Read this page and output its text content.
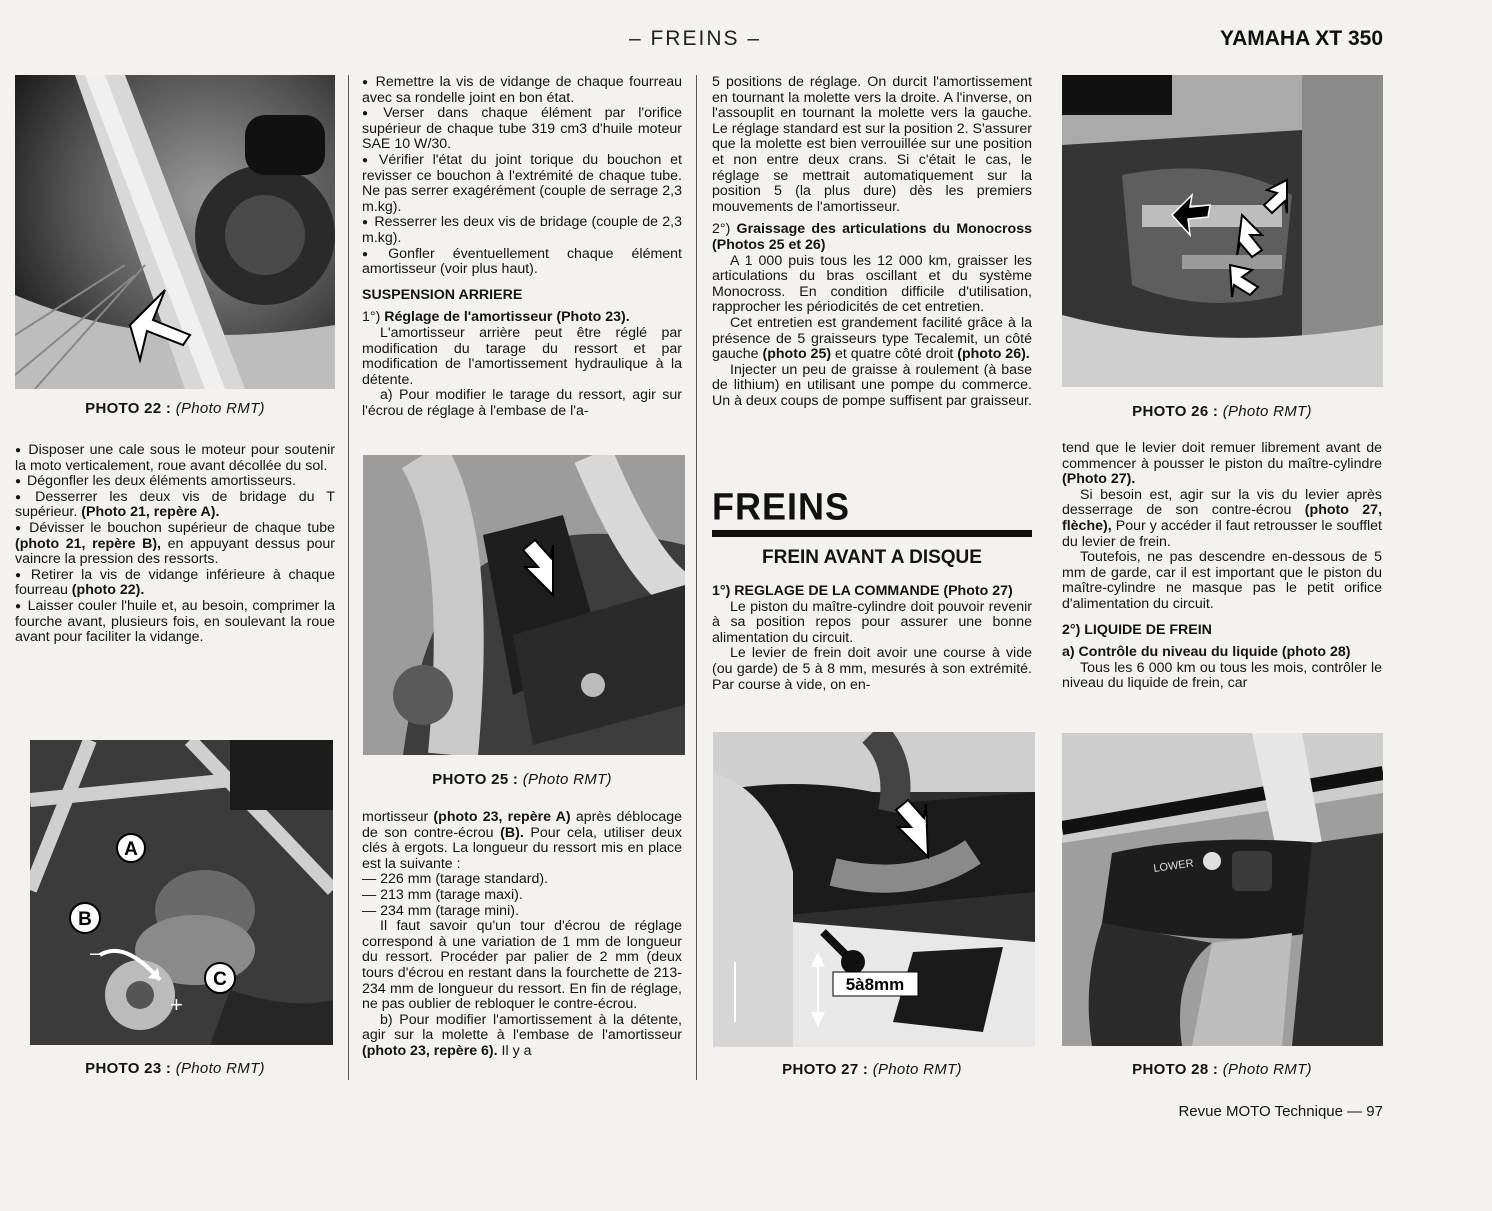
– FREINS –	YAMAHA XT 350
Revue MOTO Technique — 97
PHOTO 22 : (Photo RMT)

● Disposer une cale sous le moteur pour soutenir la moto verticalement, roue avant décollée du sol.

● Dégonfler les deux éléments amortisseurs.

● Desserrer les deux vis de bridage du T supérieur. (Photo 21, repère A).

● Dévisser le bouchon supérieur de chaque tube (photo 21, repère B), en appuyant dessus pour vaincre la pression des ressorts.

● Retirer la vis de vidange inférieure à chaque fourreau (photo 22).

● Laisser couler l'huile et, au besoin, comprimer la fourche avant, plusieurs fois, en soulevant la roue avant pour faciliter la vidange.

A
B
C
–
+
PHOTO 23 : (Photo RMT)

● Remettre la vis de vidange de chaque fourreau avec sa rondelle joint en bon état.

● Verser dans chaque élément par l'orifice supérieur de chaque tube 319 cm3 d'huile moteur SAE 10 W/30.

● Vérifier l'état du joint torique du bouchon et revisser ce bouchon à l'extrémité de chaque tube. Ne pas serrer exagérément (couple de serrage 2,3 m.kg).

● Resserrer les deux vis de bridage (couple de 2,3 m.kg).

● Gonfler éventuellement chaque élément amortisseur (voir plus haut).

SUSPENSION ARRIERE

1°) Réglage de l'amortisseur (Photo 23).

L'amortisseur arrière peut être réglé par modification du tarage du ressort et par modification de l'amortissement hydraulique à la détente.

a) Pour modifier le tarage du ressort, agir sur l'écrou de réglage à l'embase de l'a-

PHOTO 25 : (Photo RMT)

mortisseur (photo 23, repère A) après déblocage de son contre-écrou (B). Pour cela, utiliser deux clés à ergots. La longueur du ressort mis en place est la suivante :

— 226 mm (tarage standard).

— 213 mm (tarage maxi).

— 234 mm (tarage mini).

Il faut savoir qu'un tour d'écrou de réglage correspond à une variation de 1 mm de longueur du ressort. Procéder par palier de 2 mm (deux tours d'écrou en restant dans la fourchette de 213-234 mm de longueur du ressort. En fin de réglage, ne pas oublier de rebloquer le contre-écrou.

b) Pour modifier l'amortissement à la détente, agir sur la molette à l'embase de l'amortisseur (photo 23, repère 6). Il y a

5 positions de réglage. On durcit l'amortissement en tournant la molette vers la droite. A l'inverse, on l'assouplit en tournant la molette vers la gauche. Le réglage standard est sur la position 2. S'assurer que la molette est bien verrouillée sur une position et non entre deux crans. Si c'était le cas, le réglage se mettrait automatiquement sur la position 5 (la plus dure) dès les premiers mouvements de l'amortisseur.

2°) Graissage des articulations du Monocross (Photos 25 et 26)

A 1 000 puis tous les 12 000 km, graisser les articulations du bras oscillant et du système Monocross. En condition difficile d'utilisation, rapprocher les périodicités de cet entretien.

Cet entretien est grandement facilité grâce à la présence de 5 graisseurs type Tecalemit, un côté gauche (photo 25) et quatre côté droit (photo 26).

Injecter un peu de graisse à roulement (à base de lithium) en utilisant une pompe du commerce. Un à deux coups de pompe suffisent par graisseur.

FREINS
FREIN AVANT A DISQUE

1°) REGLAGE DE LA COMMANDE (Photo 27)

Le piston du maître-cylindre doit pouvoir revenir à sa position repos pour assurer une bonne alimentation du circuit.

Le levier de frein doit avoir une course à vide (ou garde) de 5 à 8 mm, mesurés à son extrémité. Par course à vide, on en-

5à8mm
PHOTO 27 : (Photo RMT)
PHOTO 26 : (Photo RMT)

tend que le levier doit remuer librement avant de commencer à pousser le piston du maître-cylindre (Photo 27).

Si besoin est, agir sur la vis du levier après desserrage de son contre-écrou (photo 27, flèche), Pour y accéder il faut retrousser le soufflet du levier de frein.

Toutefois, ne pas descendre en-dessous de 5 mm de garde, car il est important que le piston du maître-cylindre ne masque pas le petit orifice d'alimentation du circuit.

2°) LIQUIDE DE FREIN

a) Contrôle du niveau du liquide (photo 28)

Tous les 6 000 km ou tous les mois, contrôler le niveau du liquide de frein, car

LOWER
PHOTO 28 : (Photo RMT)
